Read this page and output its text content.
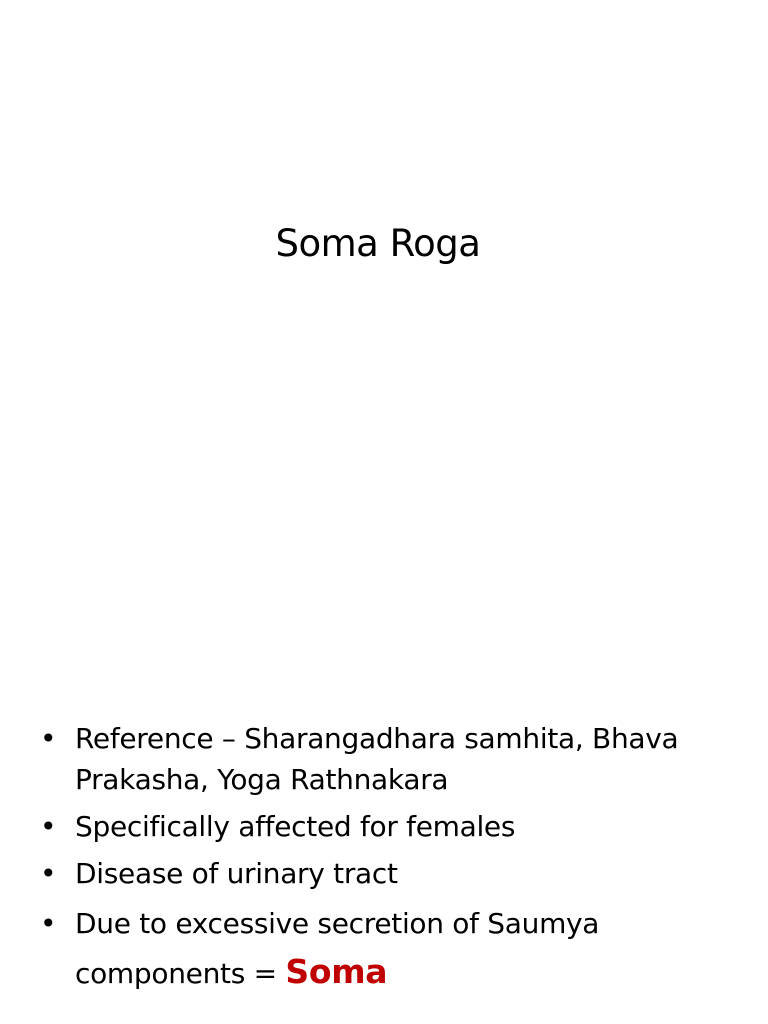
Soma Roga
• Reference – Sharangadhara samhita, Bhava Prakasha, Yoga Rathnakara
• Specifically affected for females
• Disease of urinary tract
• Due to excessive secretion of Saumya components = Soma
